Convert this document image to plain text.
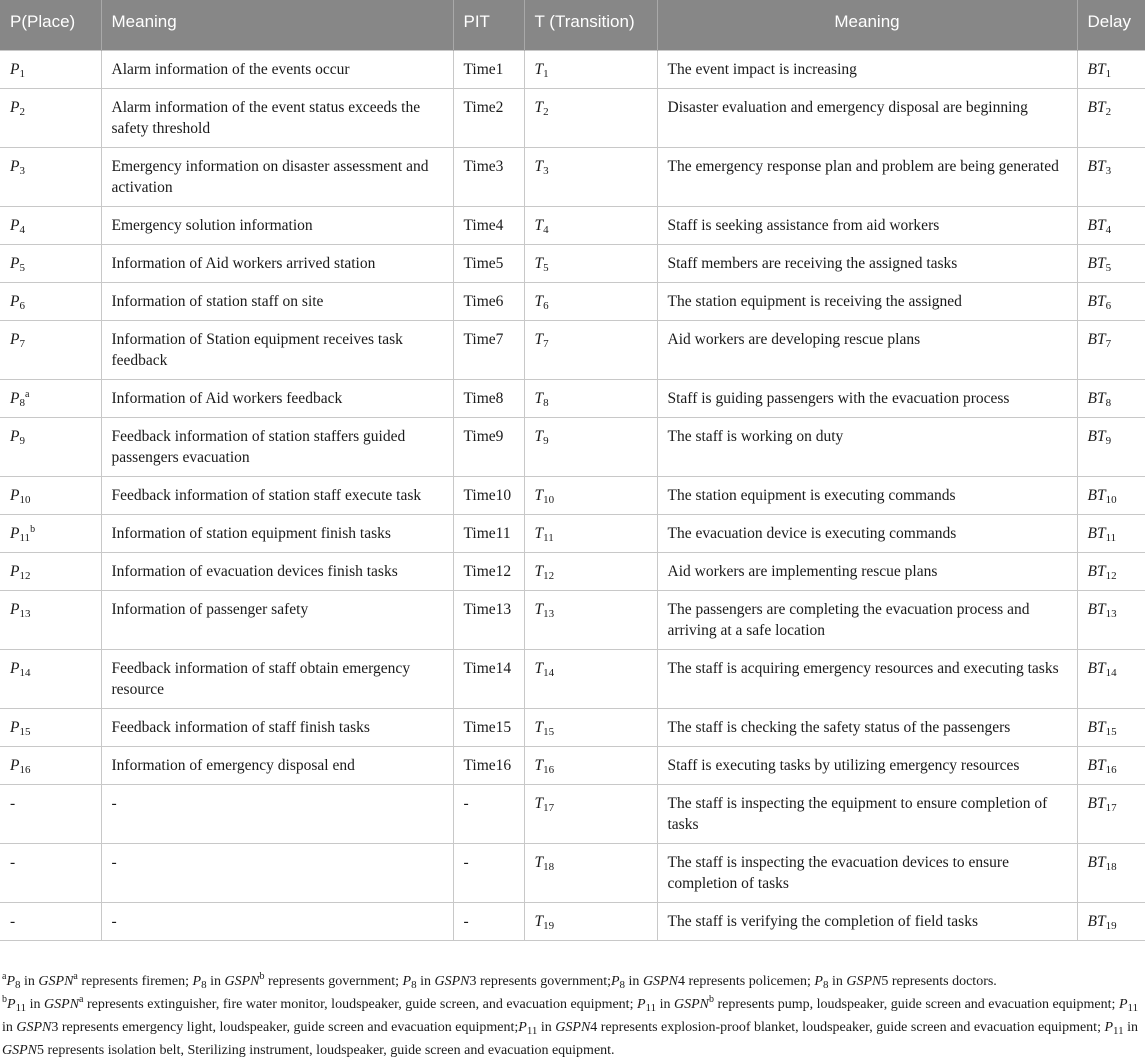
P(Place)	Meaning	PIT	T (Transition)	Meaning	Delay
$P_1$	Alarm information of the events occur	Time1	$T_1$	The event impact is increasing	$BT_1$
$P_2$	Alarm information of the event status exceeds the safety threshold	Time2	$T_2$	Disaster evaluation and emergency disposal are beginning	$BT_2$
$P_3$	Emergency information on disaster assessment and activation	Time3	$T_3$	The emergency response plan and problem are being generated	$BT_3$
$P_4$	Emergency solution information	Time4	$T_4$	Staff is seeking assistance from aid workers	$BT_4$
$P_5$	Information of Aid workers arrived station	Time5	$T_5$	Staff members are receiving the assigned tasks	$BT_5$
$P_6$	Information of station staff on site	Time6	$T_6$	The station equipment is receiving the assigned	$BT_6$
$P_7$	Information of Station equipment receives task feedback	Time7	$T_7$	Aid workers are developing rescue plans	$BT_7$
$P_8^a$	Information of Aid workers feedback	Time8	$T_8$	Staff is guiding passengers with the evacuation process	$BT_8$
$P_9$	Feedback information of station staffers guided passengers evacuation	Time9	$T_9$	The staff is working on duty	$BT_9$
$P_{10}$	Feedback information of station staff execute task	Time10	$T_{10}$	The station equipment is executing commands	$BT_{10}$
$P_{11}^b$	Information of station equipment finish tasks	Time11	$T_{11}$	The evacuation device is executing commands	$BT_{11}$
$P_{12}$	Information of evacuation devices finish tasks	Time12	$T_{12}$	Aid workers are implementing rescue plans	$BT_{12}$
$P_{13}$	Information of passenger safety	Time13	$T_{13}$	The passengers are completing the evacuation process and arriving at a safe location	$BT_{13}$
$P_{14}$	Feedback information of staff obtain emergency resource	Time14	$T_{14}$	The staff is acquiring emergency resources and executing tasks	$BT_{14}$
$P_{15}$	Feedback information of staff finish tasks	Time15	$T_{15}$	The staff is checking the safety status of the passengers	$BT_{15}$
$P_{16}$	Information of emergency disposal end	Time16	$T_{16}$	Staff is executing tasks by utilizing emergency resources	$BT_{16}$
-	-	-	$T_{17}$	The staff is inspecting the equipment to ensure completion of tasks	$BT_{17}$
-	-	-	$T_{18}$	The staff is inspecting the evacuation devices to ensure completion of tasks	$BT_{18}$
-	-	-	$T_{19}$	The staff is verifying the completion of field tasks	$BT_{19}$

$^aP_8$ in GSPN$^a$ represents firemen; $P_8$ in GSPN$^b$ represents government; $P_8$ in GSPN3 represents $government;P_8$ in GSPN4 represents policemen; $P_8$ in GSPN5 represents doctors.

$^bP_{11}$ in GSPN$^a$ represents extinguisher, fire water monitor, loudspeaker, guide screen, and evacuation equipment; $P_{11}$ in GSPN$^b$ represents pump, loudspeaker, guide screen and evacuation equipment; $P_{11}$ in GSPN3 represents emergency light, loudspeaker, guide screen and evacuation $equipment;P_{11}$ in GSPN4 represents explosion-proof blanket, loudspeaker, guide screen and evacuation equipment; $P_{11}$ in GSPN5 represents isolation belt, Sterilizing instrument, loudspeaker, guide screen and evacuation equipment.
